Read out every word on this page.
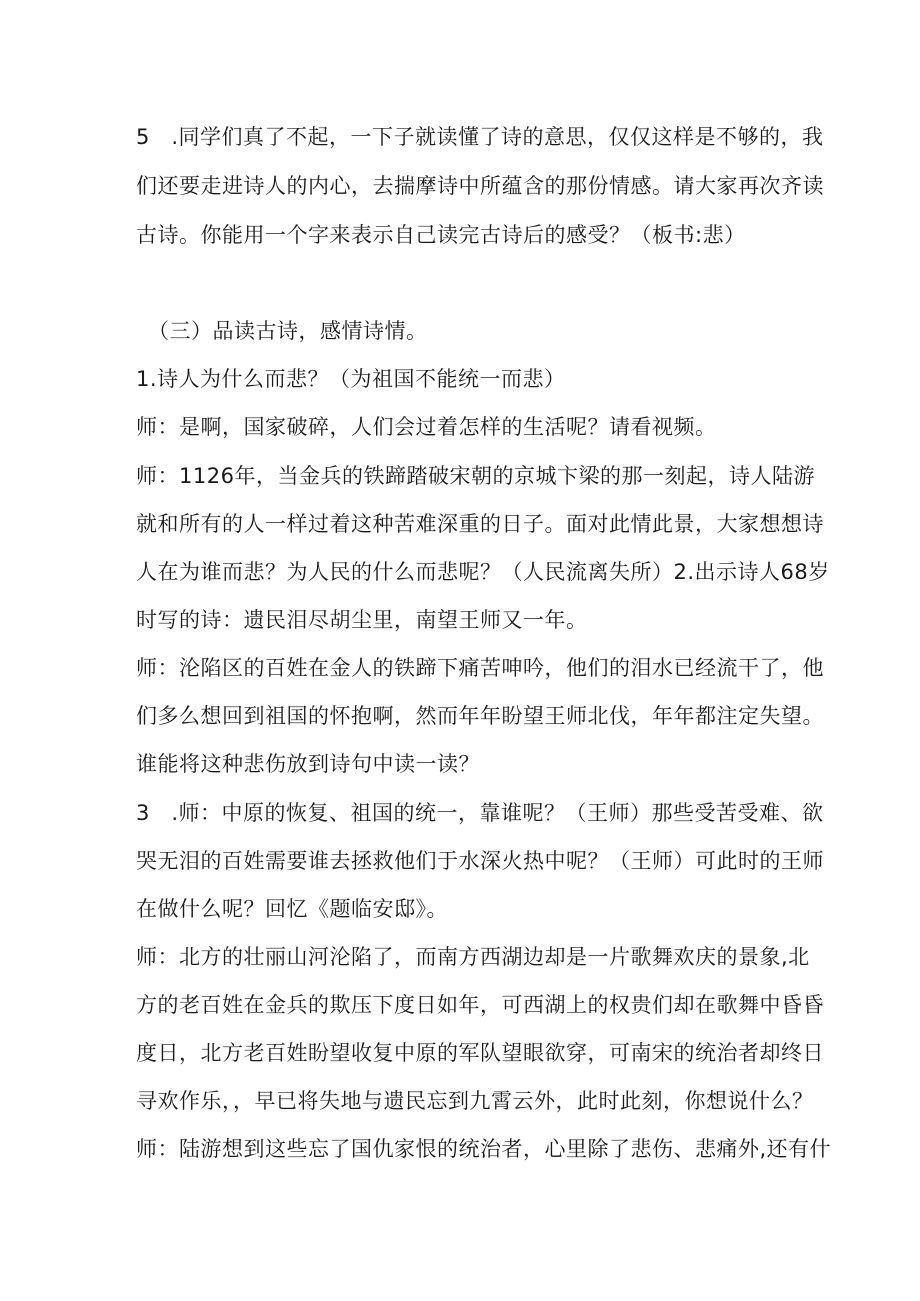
5　.同学们真了不起，一下子就读懂了诗的意思，仅仅这样是不够的，我
们还要走进诗人的内心，去揣摩诗中所蕴含的那份情感。请大家再次齐读
古诗。你能用一个字来表示自己读完古诗后的感受？（板书:悲）
（三）品读古诗，感情诗情。
1.诗人为什么而悲？（为祖国不能统一而悲）
师：是啊，国家破碎，人们会过着怎样的生活呢？请看视频。
师：1126年，当金兵的铁蹄踏破宋朝的京城卞梁的那一刻起，诗人陆游
就和所有的人一样过着这种苦难深重的日子。面对此情此景，大家想想诗
人在为谁而悲？为人民的什么而悲呢？（人民流离失所）2.出示诗人68岁
时写的诗：遗民泪尽胡尘里，南望王师又一年。
师：沦陷区的百姓在金人的铁蹄下痛苦呻吟，他们的泪水已经流干了，他
们多么想回到祖国的怀抱啊，然而年年盼望王师北伐，年年都注定失望。
谁能将这种悲伤放到诗句中读一读？
3　.师：中原的恢复、祖国的统一，靠谁呢？（王师）那些受苦受难、欲
哭无泪的百姓需要谁去拯救他们于水深火热中呢？（王师）可此时的王师
在做什么呢？回忆《题临安邸》。
师：北方的壮丽山河沦陷了，而南方西湖边却是一片歌舞欢庆的景象,北
方的老百姓在金兵的欺压下度日如年，可西湖上的权贵们却在歌舞中昏昏
度日，北方老百姓盼望收复中原的军队望眼欲穿，可南宋的统治者却终日
寻欢作乐，，早已将失地与遗民忘到九霄云外，此时此刻，你想说什么？
师：陆游想到这些忘了国仇家恨的统治者，心里除了悲伤、悲痛外,还有什
